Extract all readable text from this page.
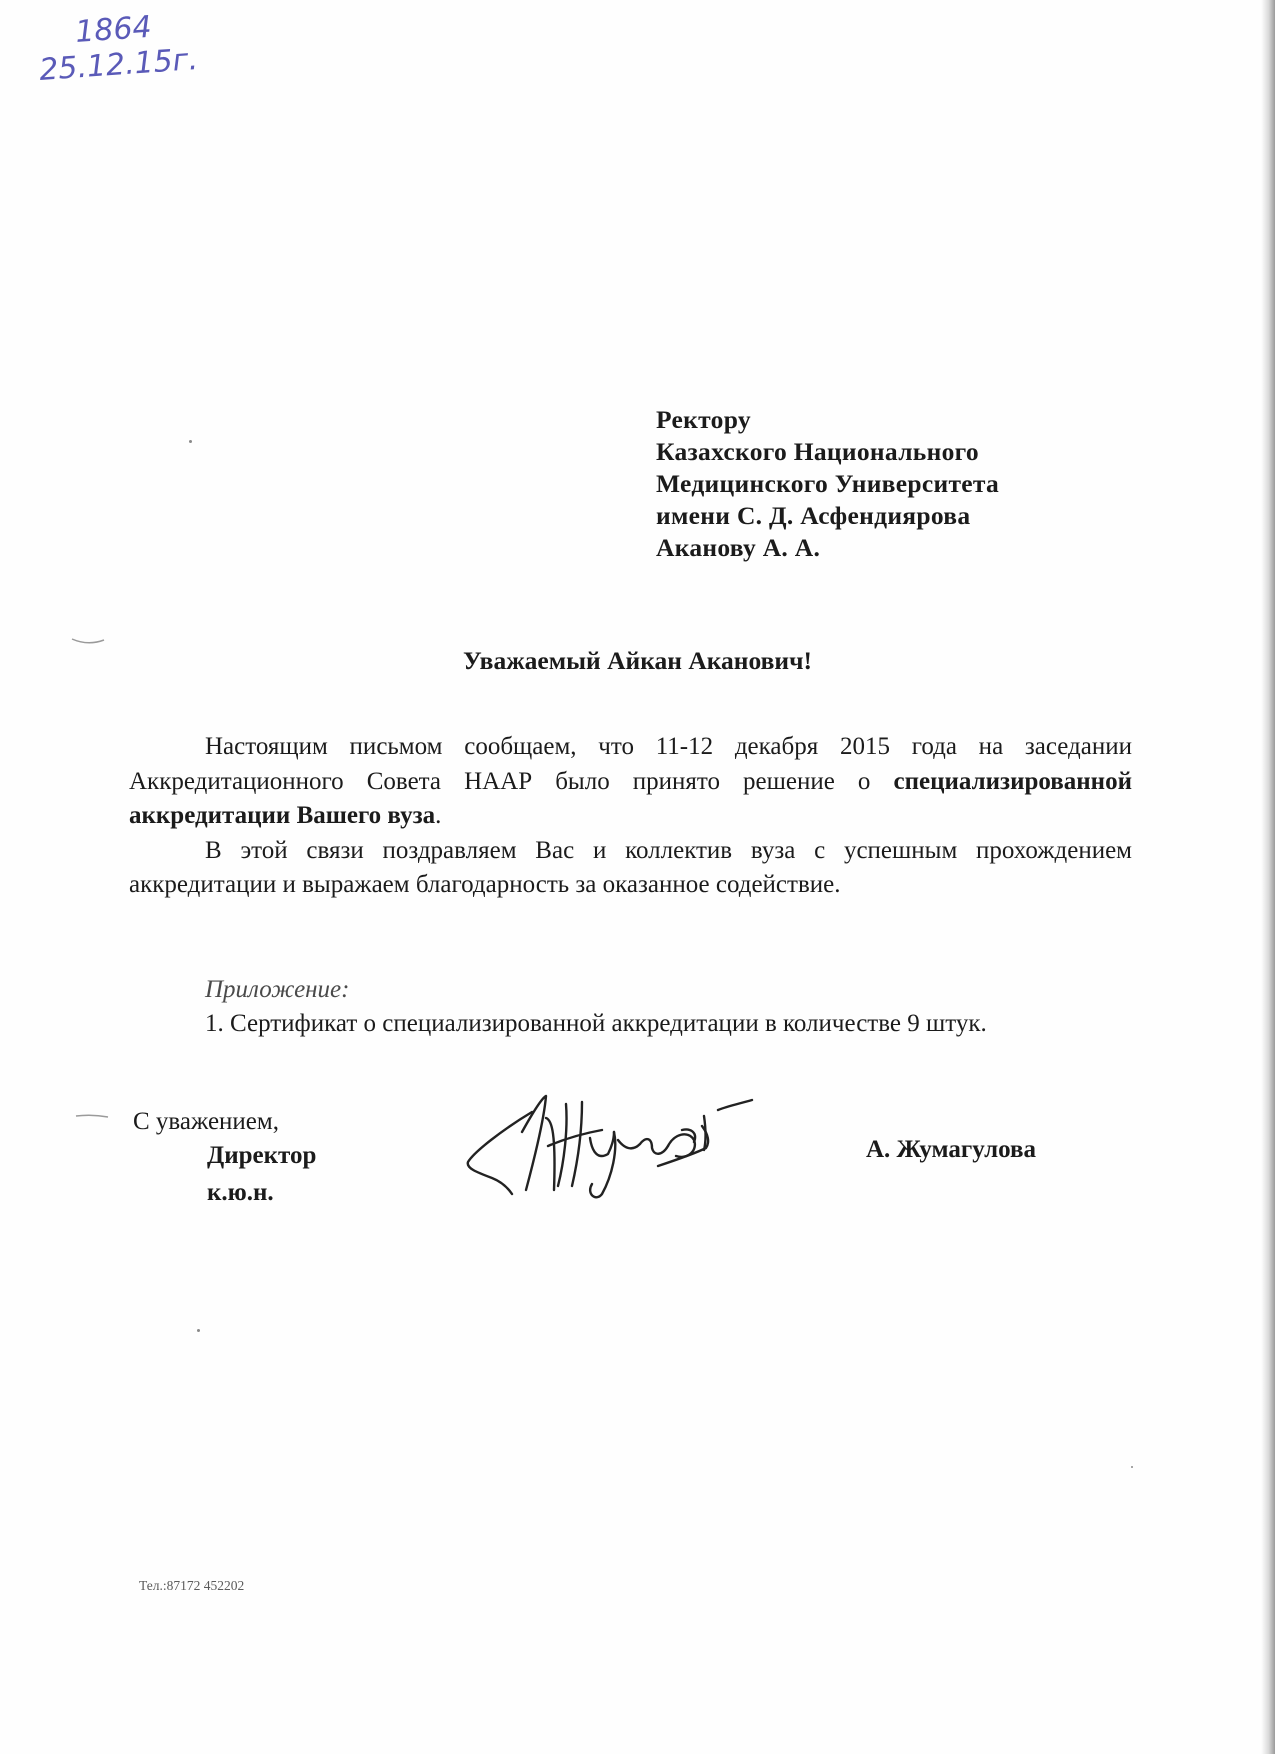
1864
25.12.15г.
Ректору
Казахского Национального
Медицинского Университета
имени С. Д. Асфендиярова
Аканову А. А.

Уважаемый Айкан Аканович!

Настоящим письмом сообщаем, что 11-12 декабря 2015 года на заседании Аккредитационного Совета НААР было принято решение о специализированной аккредитации Вашего вуза.

В этой связи поздравляем Вас и коллектив вуза с успешным прохождением аккредитации и выражаем благодарность за оказанное содействие.

Приложение:
1. Сертификат о специализированной аккредитации в количестве 9 штук.
С уважением,
Директор
к.ю.н.
А. Жумагулова
Тел.:87172 452202
